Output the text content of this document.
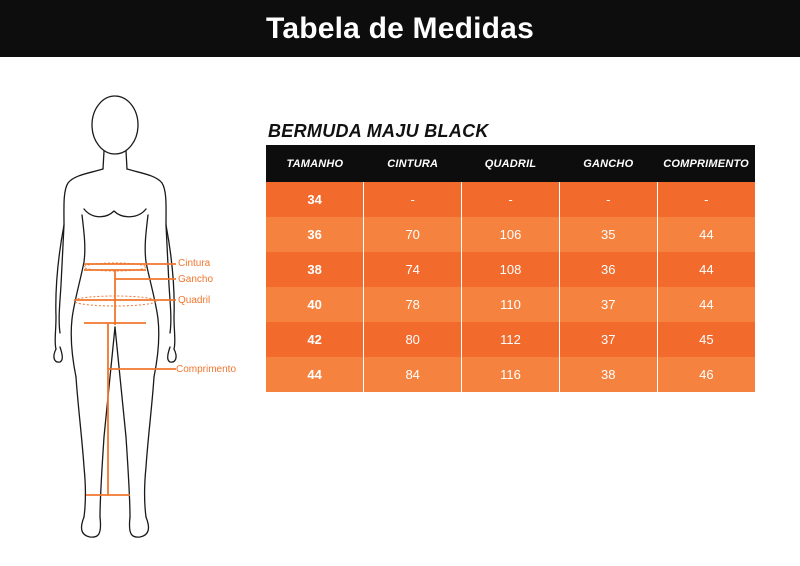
Tabela de Medidas
Cintura
Gancho
Quadril
Comprimento
BERMUDA MAJU BLACK
TAMANHO	CINTURA	QUADRIL	GANCHO	COMPRIMENTO
34	-	-	-	-
36	70	106	35	44
38	74	108	36	44
40	78	110	37	44
42	80	112	37	45
44	84	116	38	46
